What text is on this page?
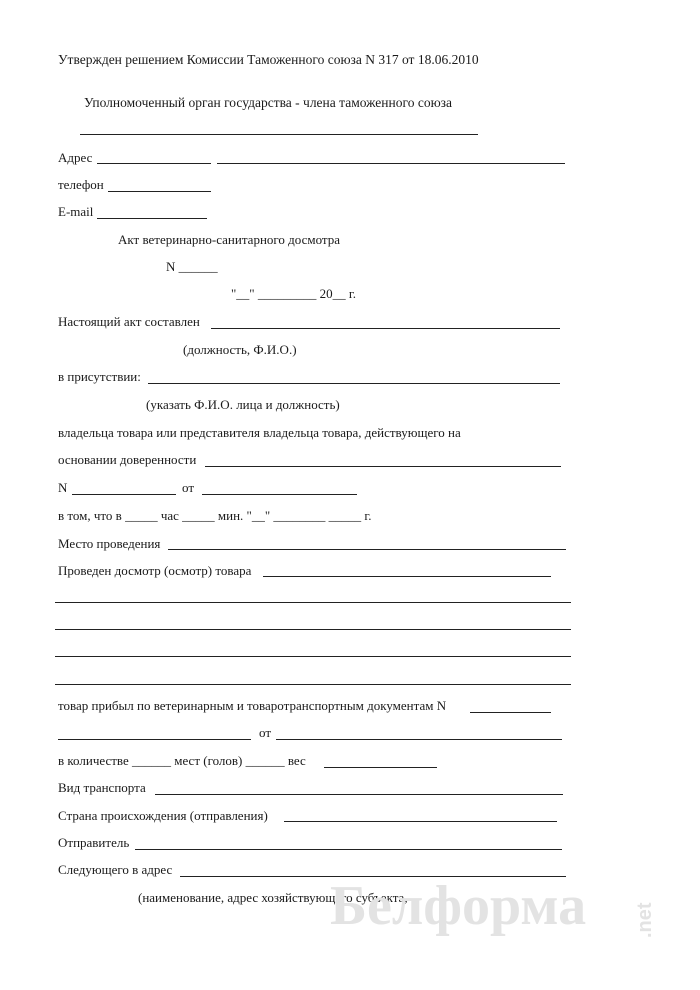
Утвержден решением Комиссии Таможенного союза N 317 от 18.06.2010
Уполномоченный орган государства - члена таможенного союза
Адрес
телефон
E-mail
Акт ветеринарно-санитарного досмотра
N ______
"__" _________ 20__ г.
Настоящий акт составлен
(должность, Ф.И.О.)
в присутствии:
(указать Ф.И.О. лица и должность)
владельца товара или представителя владельца товара, действующего на
основании доверенности
N	от
в том, что в _____ час _____ мин. "__" ________ _____ г.
Место проведения
Проведен досмотр (осмотр) товара
товар прибыл по ветеринарным и товаротранспортным документам N
от
в количестве ______ мест (голов) ______ вес
Вид транспорта
Страна происхождения (отправления)
Отправитель
Следующего в адрес
(наименование, адрес хозяйствующего субъекта,
Белформа .net
